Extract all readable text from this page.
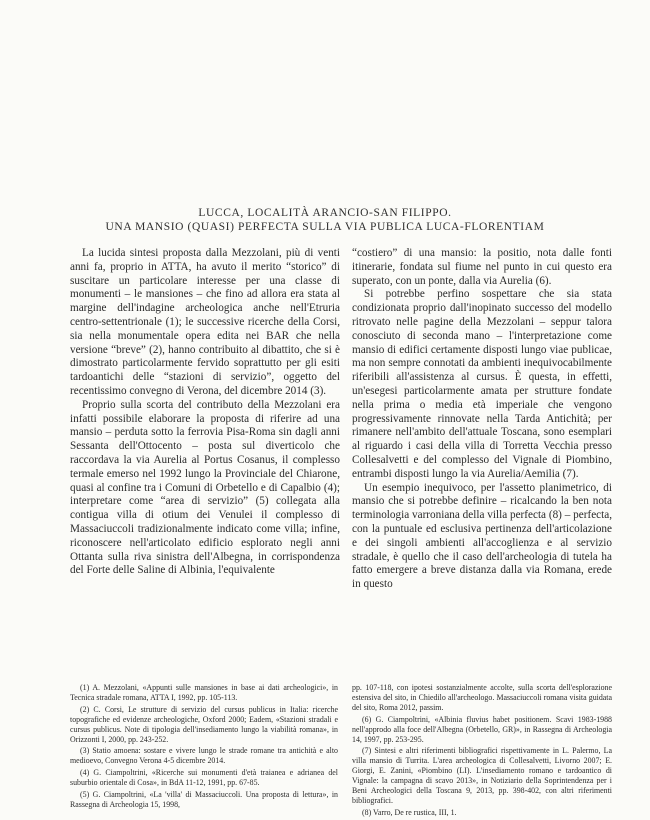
LUCCA, LOCALITÀ ARANCIO-SAN FILIPPO.
UNA MANSIO (QUASI) PERFECTA SULLA VIA PUBLICA LUCA-FLORENTIAM

La lucida sintesi proposta dalla Mezzolani, più di venti anni fa, proprio in ATTA, ha avuto il merito “storico” di suscitare un particolare interesse per una classe di monumenti – le mansiones – che fino ad allora era stata al margine dell'indagine archeologica anche nell'Etruria centro-settentrionale (1); le successive ricerche della Corsi, sia nella monumentale opera edita nei BAR che nella versione “breve” (2), hanno contribuito al dibattito, che si è dimostrato particolarmente fervido soprattutto per gli esiti tardoantichi delle “stazioni di servizio”, oggetto del recentissimo convegno di Verona, del dicembre 2014 (3).

Proprio sulla scorta del contributo della Mezzolani era infatti possibile elaborare la proposta di riferire ad una mansio – perduta sotto la ferrovia Pisa-Roma sin dagli anni Sessanta dell'Ottocento – posta sul diverticolo che raccordava la via Aurelia al Portus Cosanus, il complesso termale emerso nel 1992 lungo la Provinciale del Chiarone, quasi al confine tra i Comuni di Orbetello e di Capalbio (4); interpretare come “area di servizio” (5) collegata alla contigua villa di otium dei Venulei il complesso di Massaciuccoli tradizionalmente indicato come villa; infine, riconoscere nell'articolato edificio esplorato negli anni Ottanta sulla riva sinistra dell'Albegna, in corrispondenza del Forte delle Saline di Albinia, l'equivalente

“costiero” di una mansio: la positio, nota dalle fonti itinerarie, fondata sul fiume nel punto in cui questo era superato, con un ponte, dalla via Aurelia (6).

Si potrebbe perfino sospettare che sia stata condizionata proprio dall'inopinato successo del modello ritrovato nelle pagine della Mezzolani – seppur talora conosciuto di seconda mano – l'interpretazione come mansio di edifici certamente disposti lungo viae publicae, ma non sempre connotati da ambienti inequivocabilmente riferibili all'assistenza al cursus. È questa, in effetti, un'esegesi particolarmente amata per strutture fondate nella prima o media età imperiale che vengono progressivamente rinnovate nella Tarda Antichità; per rimanere nell'ambito dell'attuale Toscana, sono esemplari al riguardo i casi della villa di Torretta Vecchia presso Collesalvetti e del complesso del Vignale di Piombino, entrambi disposti lungo la via Aurelia/Aemilia (7).

Un esempio inequivoco, per l'assetto planimetrico, di mansio che si potrebbe definire – ricalcando la ben nota terminologia varroniana della villa perfecta (8) – perfecta, con la puntuale ed esclusiva pertinenza dell'articolazione e dei singoli ambienti all'accoglienza e al servizio stradale, è quello che il caso dell'archeologia di tutela ha fatto emergere a breve distanza dalla via Romana, erede in questo

(1) A. Mezzolani, «Appunti sulle mansiones in base ai dati archeologici», in Tecnica stradale romana, ATTA I, 1992, pp. 105-113.

(2) C. Corsi, Le strutture di servizio del cursus publicus in Italia: ricerche topografiche ed evidenze archeologiche, Oxford 2000; Eadem, «Stazioni stradali e cursus publicus. Note di tipologia dell'insediamento lungo la viabilità romana», in Orizzonti I, 2000, pp. 243-252.

(3) Statio amoena: sostare e vivere lungo le strade romane tra antichità e alto medioevo, Convegno Verona 4-5 dicembre 2014.

(4) G. Ciampoltrini, «Ricerche sui monumenti d'età traianea e adrianea del suburbio orientale di Cosa», in BdA 11-12, 1991, pp. 67-85.

(5) G. Ciampoltrini, «La 'villa' di Massaciuccoli. Una proposta di lettura», in Rassegna di Archeologia 15, 1998,

pp. 107-118, con ipotesi sostanzialmente accolte, sulla scorta dell'esplorazione estensiva del sito, in Chiedilo all'archeologo. Massaciuccoli romana visita guidata del sito, Roma 2012, passim.

(6) G. Ciampoltrini, «Albinia fluvius habet positionem. Scavi 1983-1988 nell'approdo alla foce dell'Albegna (Orbetello, GR)», in Rassegna di Archeologia 14, 1997, pp. 253-295.

(7) Sintesi e altri riferimenti bibliografici rispettivamente in L. Palermo, La villa mansio di Turrita. L'area archeologica di Collesalvetti, Livorno 2007; E. Giorgi, E. Zanini, «Piombino (LI). L'insediamento romano e tardoantico di Vignale: la campagna di scavo 2013», in Notiziario della Soprintendenza per i Beni Archeologici della Toscana 9, 2013, pp. 398-402, con altri riferimenti bibliografici.

(8) Varro, De re rustica, III, 1.
